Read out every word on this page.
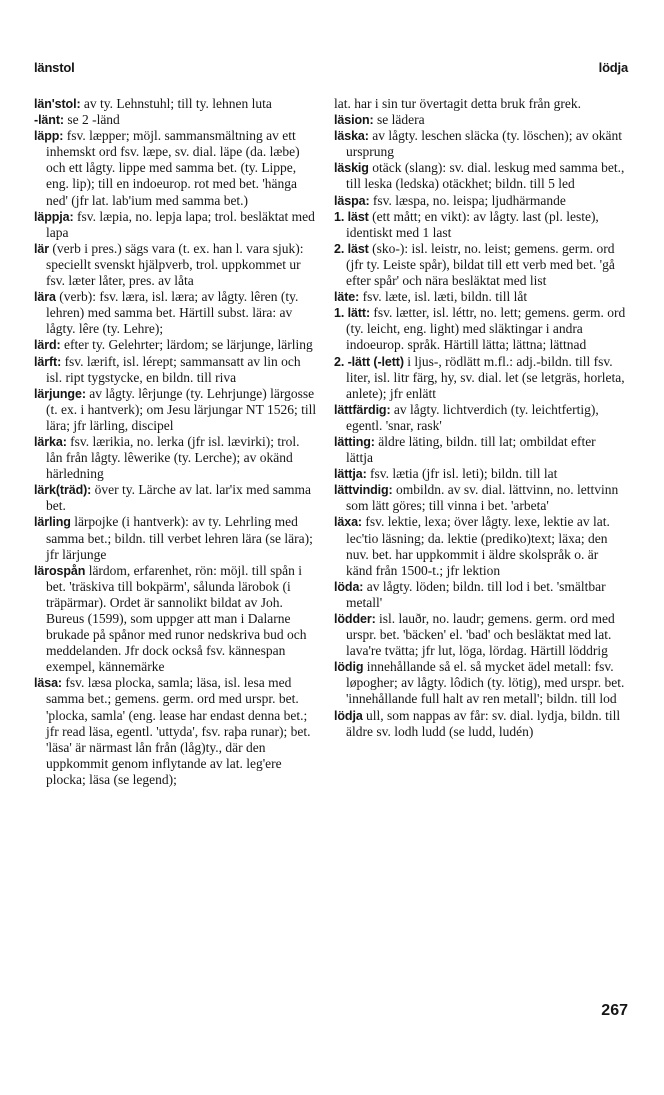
länstol	lödja

län'stol: av ty. Lehnstuhl; till ty. lehnen luta

-länt: se 2 -länd

läpp: fsv. læpper; möjl. sammansmältning av ett inhemskt ord fsv. læpe, sv. dial. läpe (da. læbe) och ett lågty. lippe med samma bet. (ty. Lippe, eng. lip); till en indoeurop. rot med bet. 'hänga ned' (jfr lat. lab'ium med samma bet.)

läppja: fsv. læpia, no. lepja lapa; trol. besläktat med lapa

lär (verb i pres.) sägs vara (t. ex. han l. vara sjuk): speciellt svenskt hjälpverb, trol. uppkommet ur fsv. læter låter, pres. av låta

lära (verb): fsv. læra, isl. læra; av lågty. lêren (ty. lehren) med samma bet. Härtill subst. lära: av lågty. lêre (ty. Lehre);

lärd: efter ty. Gelehrter; lärdom; se lärjunge, lärling

lärft: fsv. lærift, isl. lérept; sammansatt av lin och isl. ript tygstycke, en bildn. till riva

lärjunge: av lågty. lêrjunge (ty. Lehrjunge) lärgosse (t. ex. i hantverk); om Jesu lärjungar NT 1526; till lära; jfr lärling, discipel

lärka: fsv. lærikia, no. lerka (jfr isl. lævirki); trol. lån från lågty. lêwerike (ty. Lerche); av okänd härledning

lärk(träd): över ty. Lärche av lat. lar'ix med samma bet.

lärling lärpojke (i hantverk): av ty. Lehrling med samma bet.; bildn. till verbet lehren lära (se lära); jfr lärjunge

lärospån lärdom, erfarenhet, rön: möjl. till spån i bet. 'träskiva till bokpärm', sålunda lärobok (i träpärmar). Ordet är sannolikt bildat av Joh. Bureus (1599), som uppger att man i Dalarne brukade på spånor med runor nedskriva bud och meddelanden. Jfr dock också fsv. kännespan exempel, kännemärke

läsa: fsv. læsa plocka, samla; läsa, isl. lesa med samma bet.; gemens. germ. ord med urspr. bet. 'plocka, samla' (eng. lease har endast denna bet.; jfr read läsa, egentl. 'uttyda', fsv. raþa runar); bet. 'läsa' är närmast lån från (låg)ty., där den uppkommit genom inflytande av lat. leg'ere plocka; läsa (se legend);

lat. har i sin tur övertagit detta bruk från grek.

läsion: se lädera

läska: av lågty. leschen släcka (ty. löschen); av okänt ursprung

läskig otäck (slang): sv. dial. leskug med samma bet., till leska (ledska) otäckhet; bildn. till 5 led

läspa: fsv. læspa, no. leispa; ljudhärmande

1. läst (ett mått; en vikt): av lågty. last (pl. leste), identiskt med 1 last

2. läst (sko-): isl. leistr, no. leist; gemens. germ. ord (jfr ty. Leiste spår), bildat till ett verb med bet. 'gå efter spår' och nära besläktat med list

läte: fsv. læte, isl. læti, bildn. till låt

1. lätt: fsv. lætter, isl. léttr, no. lett; gemens. germ. ord (ty. leicht, eng. light) med släktingar i andra indoeurop. språk. Härtill lätta; lättna; lättnad

2. -lätt (-lett) i ljus-, rödlätt m.fl.: adj.-bildn. till fsv. liter, isl. litr färg, hy, sv. dial. let (se letgräs, horleta, anlete); jfr enlätt

lättfärdig: av lågty. lichtverdich (ty. leichtfertig), egentl. 'snar, rask'

lätting: äldre läting, bildn. till lat; ombildat efter lättja

lättja: fsv. lætia (jfr isl. leti); bildn. till lat

lättvindig: ombildn. av sv. dial. lättvinn, no. lettvinn som lätt göres; till vinna i bet. 'arbeta'

läxa: fsv. lektie, lexa; över lågty. lexe, lektie av lat. lec'tio läsning; da. lektie (prediko)text; läxa; den nuv. bet. har uppkommit i äldre skolspråk o. är känd från 1500-t.; jfr lektion

löda: av lågty. löden; bildn. till lod i bet. 'smältbar metall'

lödder: isl. lauðr, no. laudr; gemens. germ. ord med urspr. bet. 'bäcken' el. 'bad' och besläktat med lat. lava're tvätta; jfr lut, löga, lördag. Härtill löddrig

lödig innehållande så el. så mycket ädel metall: fsv. løpogher; av lågty. lôdich (ty. lötig), med urspr. bet. 'innehållande full halt av ren metall'; bildn. till lod

lödja ull, som nappas av får: sv. dial. lydja, bildn. till äldre sv. lodh ludd (se ludd, ludén)

267
